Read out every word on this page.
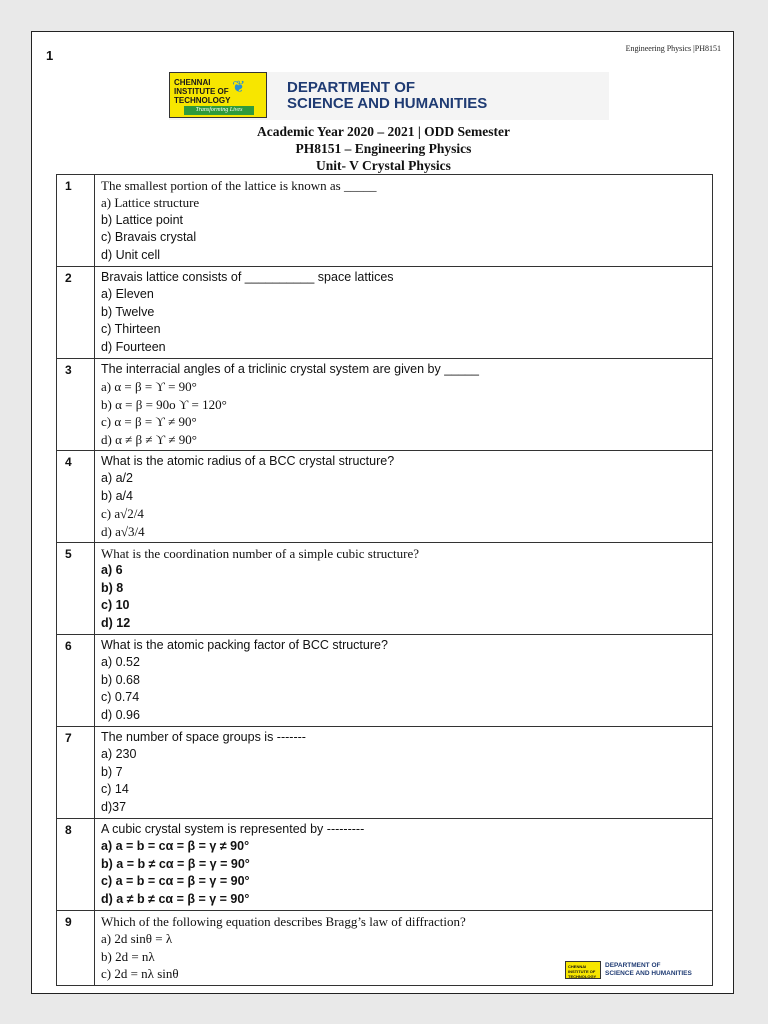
1	Engineering Physics |PH8151
CHENNAI
INSTITUTE OF
TECHNOLOGY
❦
Transforming Lives
DEPARTMENT OF
SCIENCE AND HUMANITIES
Academic Year 2020 – 2021 | ODD Semester
PH8151 – Engineering Physics
Unit- V Crystal Physics
1	The smallest portion of the lattice is known as _____
a) Lattice structure
b) Lattice point
c) Bravais crystal
d) Unit cell

2	Bravais lattice consists of __________ space lattices
a) Eleven
b) Twelve
c) Thirteen
d) Fourteen

3	The interracial angles of a triclinic crystal system are given by _____
a) α = β = ϒ = 90°
b) α = β = 90o ϒ = 120°
c) α = β = ϒ ≠ 90°
d) α ≠ β ≠ ϒ ≠ 90°

4	What is the atomic radius of a BCC crystal structure?
a) a/2
b) a/4
c) a√2/4
d) a√3/4

5	What is the coordination number of a simple cubic structure?
a) 6
b) 8
c) 10
d) 12

6	What is the atomic packing factor of BCC structure?
a) 0.52
b) 0.68
c) 0.74
d) 0.96

7	The number of space groups is -------
a) 230
b) 7
c) 14
d)37

8	A cubic crystal system is represented by ---------
a) a = b = cα = β = γ ≠ 90°
b) a = b ≠ cα = β = γ = 90°
c) a = b = cα = β = γ = 90°
d) a ≠ b ≠ cα = β = γ = 90°

9	Which of the following equation describes Bragg’s law of diffraction?
a) 2d sinθ = λ
b) 2d = nλ
c) 2d = nλ sinθ	CHENNAI INSTITUTE OF TECHNOLOGY
DEPARTMENT OF
SCIENCE AND HUMANITIES
